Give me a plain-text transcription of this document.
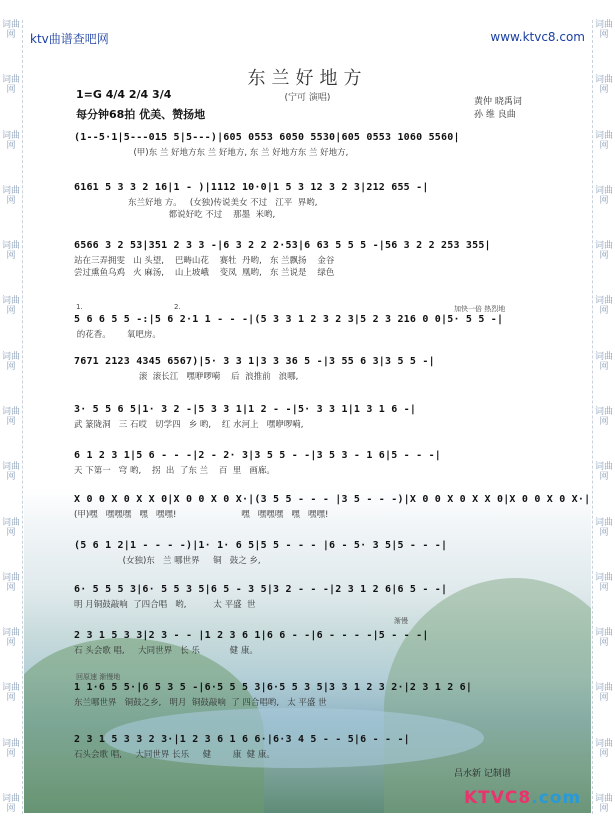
词曲网
词曲网
词曲网
词曲网
词曲网
词曲网
词曲网
词曲网
词曲网
词曲网
词曲网
词曲网
词曲网
词曲网
词曲网
词曲网
词曲网
词曲网
词曲网
词曲网
词曲网
词曲网
词曲网
词曲网
词曲网
词曲网
词曲网
词曲网
词曲网
词曲网
ktv曲谱查吧网	www.ktvc8.com
东兰好地方
(宁可 演唱)
1=G 4/4 2/4 3/4
每分钟68拍 优美、赞扬地
黄仲 晓禹词
孙 维 良曲
1.	2.	加快一倍 热烈地
渐慢
回原速 渐慢地
(1--5·1|5---015 5|5---)|605 0553 6050 5530|605 0553 1060 5560|
(甲)东 兰 好地方东 兰 好地方, 东 兰 好地方东 兰 好地方,
6161 5 3 3 2 16|1 - )|1112 10·0|1 5 3 12 3 2 3|212 655 -|
东兰好地 方。   (女独)传说美女 不过   江平  界哟,
都说好吃 不过    那墨  米哟,
6566 3 2 53|351 2 3 3 -|6 3 2 2 2·53|6 63 5 5 5 -|56 3 2 2 253 355|
站在三弄拥雯   山 头望,    巴畴山花    赛牡  丹哟,   东 兰飘扬    金谷
尝过熏鱼乌鸡   火 麻汤,    山上坡峨    变凤  凰哟,   东 兰说是    绿色
5 6 6 5 5 -:|5 6 2·1 1 - - -|(5 3 3 1 2 3 2 3|5 2 3 216 0 0|5· 5 5 -|
的花香。      氧吧房。
7671 2123 4345 6567)|5· 3 3 1|3 3 36 5 -|3 55 6 3|3 5 5 -|
滚  滚长江   嘿咿啰嗬    后  浪推前   浪哪,
3· 5 5 6 5|1· 3 2 -|5 3 3 1|1 2 - -|5· 3 3 1|1 3 1 6 -|
武 篆陇洞   三 石哎   切学四   乡 哟,    红 水河上   嘿咿啰嗬,
6 1 2 3 1|5 6 - - -|2 - 2· 3|3 5 5 - -|3 5 3 - 1 6|5 - - -|
天 下第一   穹 哟,    拐  出  了东 兰    百  里   画廊。
X 0 0 X 0 X X 0|X 0 0 X 0 X·|(3 5 5 - - - |3 5 - - -)|X 0 0 X 0 X X 0|X 0 0 X 0 X·|
(甲)嘿   嘿嘿嘿   嘿   嘿嘿!                        嘿   嘿嘿嘿   嘿   嘿嘿!
(5 6 1 2|1 - - - -)|1· 1· 6 5|5 5 - - - |6 - 5· 3 5|5 - - -|
(女独)东   兰 哪世界     铜   鼓之 乡,
6· 5 5 5 3|6· 5 5 3 5|6 5 - 3 5|3 2 - - -|2 3 1 2 6|6 5 - -|
明 月铜鼓敲响  了四合唱   哟,          太 平盛  世
2 3 1 5 3 3|2 3 - - |1 2 3 6 1|6 6 - -|6 - - - -|5 - - -|
石 头会歌 唱,     大同世界   长 乐           健 康。
1 1·6 5 5·|6 5 3 5 -|6·5 5 5 3|6·5 5 3 5|3 3 1 2 3 2·|2 3 1 2 6|
东兰哪世界   铜鼓之乡,   明月  铜鼓敲响  了 四合唱哟,   太 平盛 世
2 3 1 5 3 3 2 3·|1 2 3 6 1 6 6·|6·3 4 5 - - 5|6 - - -|
石头会歌 唱,     大同世界 长乐     健        康  健 康。
吕水新 记制谱
KTVC8.com
